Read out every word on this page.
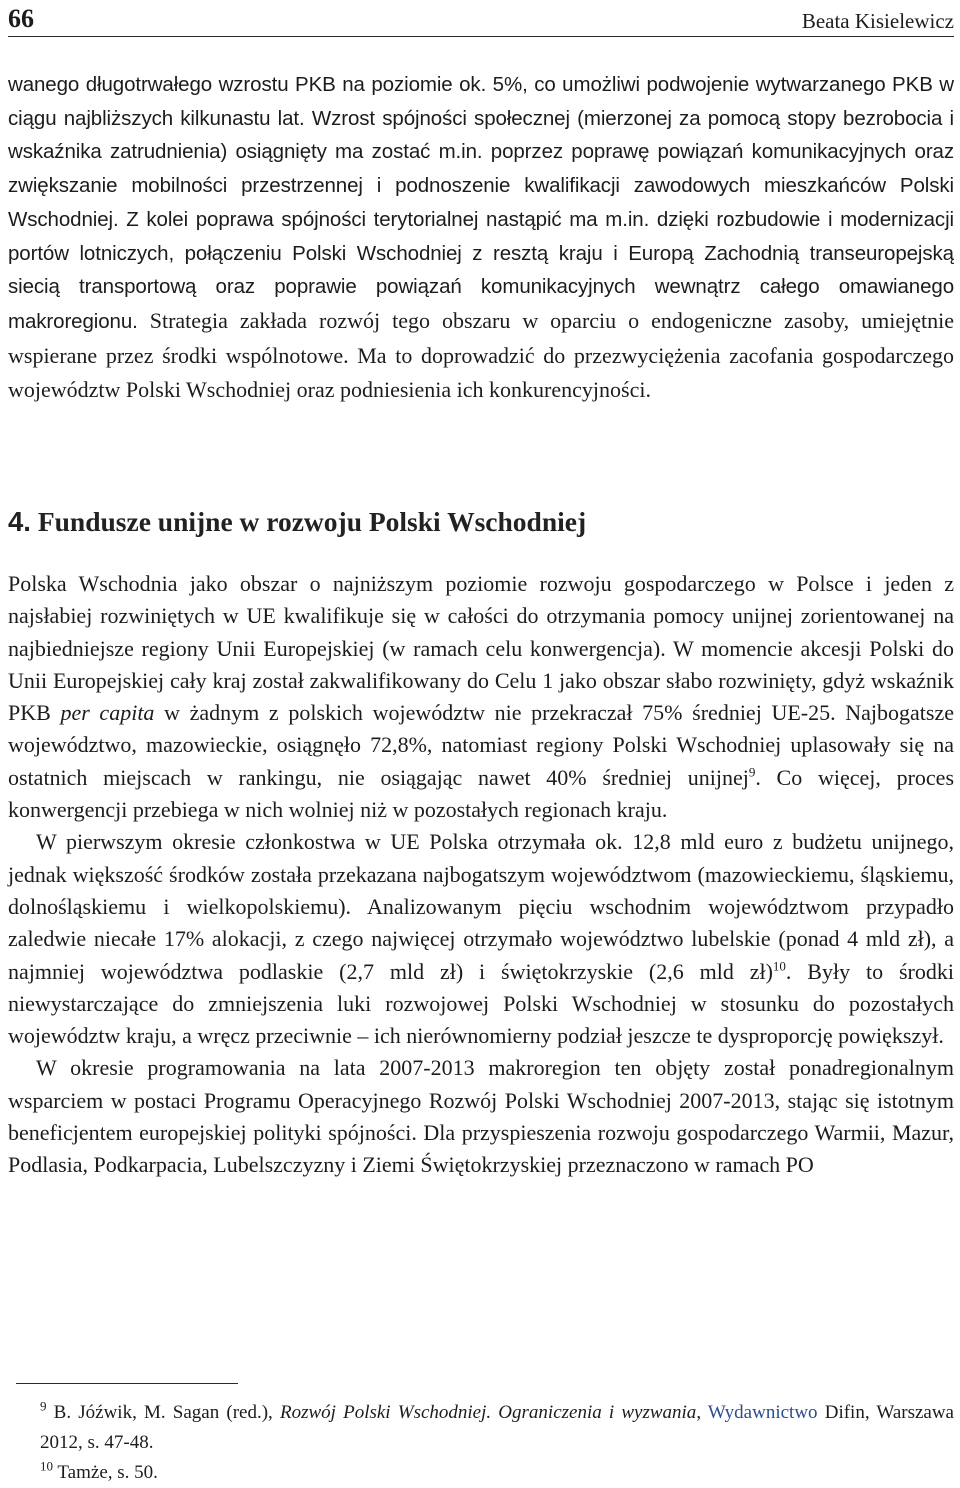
66	Beata Kisielewicz

wanego długotrwałego wzrostu PKB na poziomie ok. 5%, co umożliwi podwojenie wytwarzanego PKB w ciągu najbliższych kilkunastu lat. Wzrost spójności społecznej (mierzonej za pomocą stopy bezrobocia i wskaźnika zatrudnienia) osiągnięty ma zostać m.in. poprzez poprawę powiązań komunikacyjnych oraz zwiększanie mobilności przestrzennej i podnoszenie kwalifikacji zawodowych mieszkańców Polski Wschodniej. Z kolei poprawa spójności terytorialnej nastąpić ma m.in. dzięki rozbudowie i modernizacji portów lotniczych, połączeniu Polski Wschodniej z resztą kraju i Europą Zachodnią transeuropejską siecią transportową oraz poprawie powiązań komunikacyjnych wewnątrz całego omawianego makroregionu. Strategia zakłada rozwój tego obszaru w oparciu o endogeniczne zasoby, umiejętnie wspierane przez środki wspólnotowe. Ma to doprowadzić do przezwyciężenia zacofania gospodarczego województw Polski Wschodniej oraz podniesienia ich konkurencyjności.

4. Fundusze unijne w rozwoju Polski Wschodniej

Polska Wschodnia jako obszar o najniższym poziomie rozwoju gospodarczego w Polsce i jeden z najsłabiej rozwiniętych w UE kwalifikuje się w całości do otrzymania pomocy unijnej zorientowanej na najbiedniejsze regiony Unii Europejskiej (w ramach celu konwergencja). W momencie akcesji Polski do Unii Europejskiej cały kraj został zakwalifikowany do Celu 1 jako obszar słabo rozwinięty, gdyż wskaźnik PKB per capita w żadnym z polskich województw nie przekraczał 75% średniej UE-25. Najbogatsze województwo, mazowieckie, osiągnęło 72,8%, natomiast regiony Polski Wschodniej uplasowały się na ostatnich miejscach w rankingu, nie osiągając nawet 40% średniej unijnej$^9$. Co więcej, proces konwergencji przebiega w nich wolniej niż w pozostałych regionach kraju.

W pierwszym okresie członkostwa w UE Polska otrzymała ok. 12,8 mld euro z budżetu unijnego, jednak większość środków została przekazana najbogatszym województwom (mazowieckiemu, śląskiemu, dolnośląskiemu i wielkopolskiemu). Analizowanym pięciu wschodnim województwom przypadło zaledwie niecałe 17% alokacji, z czego najwięcej otrzymało województwo lubelskie (ponad 4 mld zł), a najmniej województwa podlaskie (2,7 mld zł) i świętokrzyskie (2,6 mld zł)$^{10}$. Były to środki niewystarczające do zmniejszenia luki rozwojowej Polski Wschodniej w stosunku do pozostałych województw kraju, a wręcz przeciwnie – ich nierównomierny podział jeszcze te dysproporcję powiększył.

W okresie programowania na lata 2007-2013 makroregion ten objęty został ponadregionalnym wsparciem w postaci Programu Operacyjnego Rozwój Polski Wschodniej 2007-2013, stając się istotnym beneficjentem europejskiej polityki spójności. Dla przyspieszenia rozwoju gospodarczego Warmii, Mazur, Podlasia, Podkarpacia, Lubelszczyzny i Ziemi Świętokrzyskiej przeznaczono w ramach PO

$^9$ B. Jóźwik, M. Sagan (red.), Rozwój Polski Wschodniej. Ograniczenia i wyzwania, Wydawnictwo Difin, Warszawa 2012, s. 47-48.

$^{10}$ Tamże, s. 50.
